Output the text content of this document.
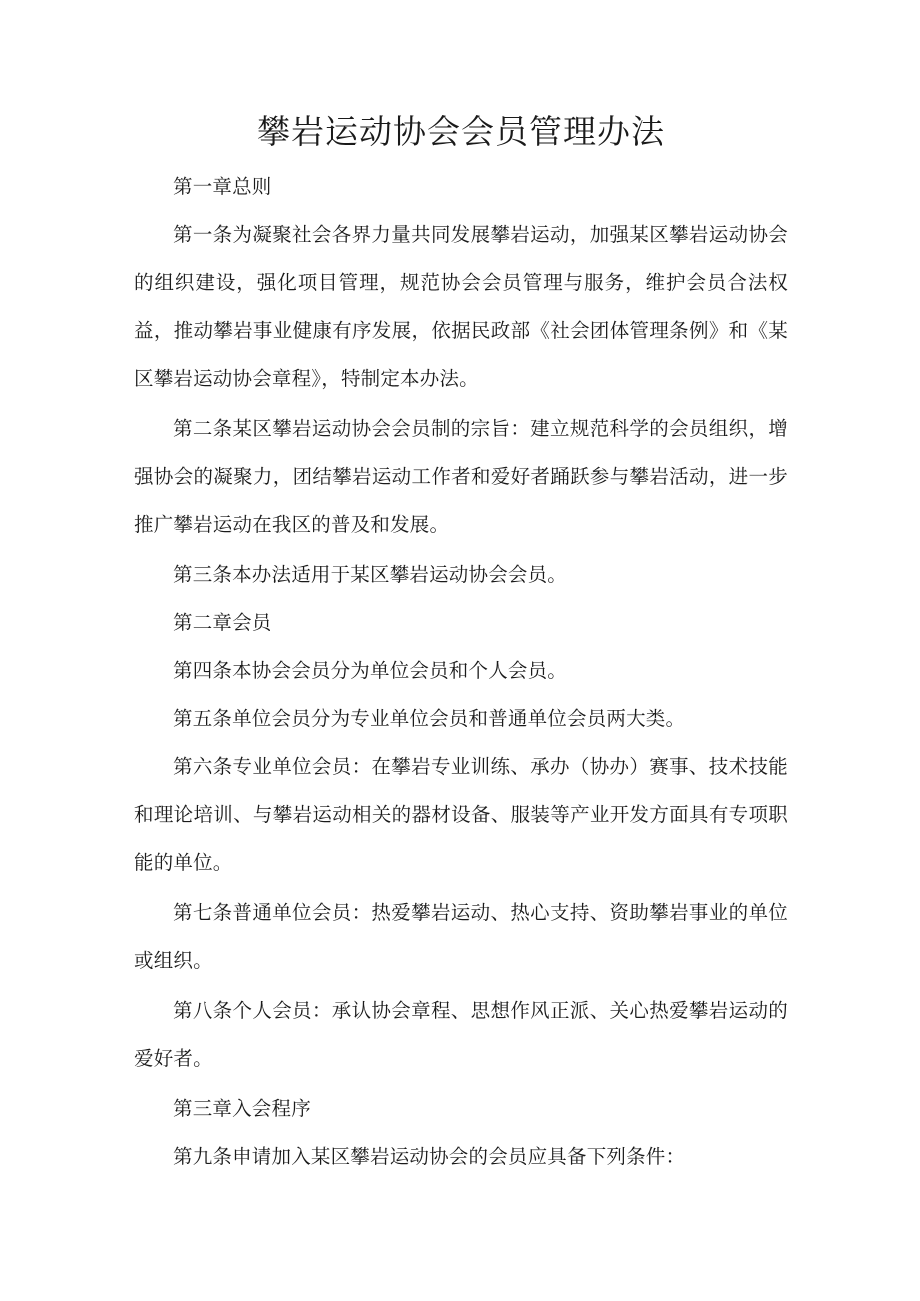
攀岩运动协会会员管理办法

第一章总则

第一条为凝聚社会各界力量共同发展攀岩运动，加强某区攀岩运动协会的组织建设，强化项目管理，规范协会会员管理与服务，维护会员合法权益，推动攀岩事业健康有序发展，依据民政部《社会团体管理条例》和《某区攀岩运动协会章程》，特制定本办法。

第二条某区攀岩运动协会会员制的宗旨：建立规范科学的会员组织，增强协会的凝聚力，团结攀岩运动工作者和爱好者踊跃参与攀岩活动，进一步推广攀岩运动在我区的普及和发展。

第三条本办法适用于某区攀岩运动协会会员。

第二章会员

第四条本协会会员分为单位会员和个人会员。

第五条单位会员分为专业单位会员和普通单位会员两大类。

第六条专业单位会员：在攀岩专业训练、承办（协办）赛事、技术技能和理论培训、与攀岩运动相关的器材设备、服装等产业开发方面具有专项职能的单位。

第七条普通单位会员：热爱攀岩运动、热心支持、资助攀岩事业的单位或组织。

第八条个人会员：承认协会章程、思想作风正派、关心热爱攀岩运动的爱好者。

第三章入会程序

第九条申请加入某区攀岩运动协会的会员应具备下列条件：
